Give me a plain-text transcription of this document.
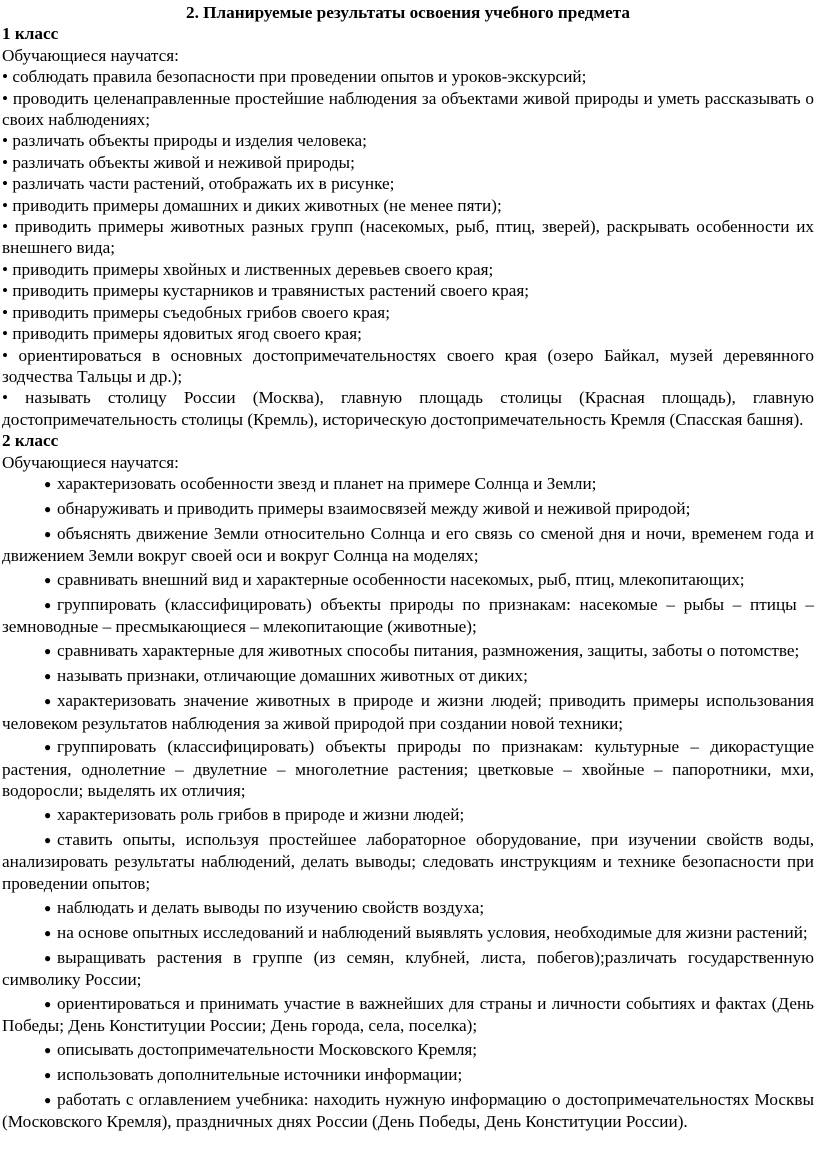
2. Планируемые результаты освоения учебного предмета
1 класс
Обучающиеся научатся:
• соблюдать правила безопасности при проведении опытов и уроков-экскурсий;
• проводить целенаправленные простейшие наблюдения за объектами живой природы и уметь рассказывать о своих наблюдениях;
• различать объекты природы и изделия человека;
• различать объекты живой и неживой природы;
• различать части растений, отображать их в рисунке;
• приводить примеры домашних и диких животных (не менее пяти);
• приводить примеры животных разных групп (насекомых, рыб, птиц, зверей), раскрывать особенности их внешнего вида;
• приводить примеры хвойных и лиственных деревьев своего края;
• приводить примеры кустарников и травянистых растений своего края;
• приводить примеры съедобных грибов своего края;
• приводить примеры ядовитых ягод своего края;
• ориентироваться в основных достопримечательностях своего края (озеро Байкал, музей деревянного зодчества Тальцы и др.);
• называть столицу России (Москва), главную площадь столицы (Красная площадь), главную достопримечательность столицы (Кремль), историческую достопримечательность Кремля (Спасская башня).
2 класс
Обучающиеся научатся:
● характеризовать особенности звезд и планет на примере Солнца и Земли;
● обнаруживать и приводить примеры взаимосвязей между живой и неживой природой;
● объяснять движение Земли относительно Солнца и его связь со сменой дня и ночи, временем года и движением Земли вокруг своей оси и вокруг Солнца на моделях;
● сравнивать внешний вид и характерные особенности насекомых, рыб, птиц, млекопитающих;
● группировать (классифицировать) объекты природы по признакам: насекомые – рыбы – птицы – земноводные – пресмыкающиеся – млекопитающие (животные);
● сравнивать характерные для животных способы питания, размножения, защиты, заботы о потомстве;
● называть признаки, отличающие домашних животных от диких;
● характеризовать значение животных в природе и жизни людей; приводить примеры использования человеком результатов наблюдения за живой природой при создании новой техники;
● группировать (классифицировать) объекты природы по признакам: культурные – дикорастущие растения, однолетние – двулетние – многолетние растения; цветковые – хвойные – папоротники, мхи, водоросли; выделять их отличия;
● характеризовать роль грибов в природе и жизни людей;
● ставить опыты, используя простейшее лабораторное оборудование, при изучении свойств воды, анализировать результаты наблюдений, делать выводы; следовать инструкциям и технике безопасности при проведении опытов;
● наблюдать и делать выводы по изучению свойств воздуха;
● на основе опытных исследований и наблюдений выявлять условия, необходимые для жизни растений;
● выращивать растения в группе (из семян, клубней, листа, побегов);различать государственную символику России;
● ориентироваться и принимать участие в важнейших для страны и личности событиях и фактах (День Победы; День Конституции России; День города, села, поселка);
● описывать достопримечательности Московского Кремля;
● использовать дополнительные источники информации;
● работать с оглавлением учебника: находить нужную информацию о достопримечательностях Москвы (Московского Кремля), праздничных днях России (День Победы, День Конституции России).
